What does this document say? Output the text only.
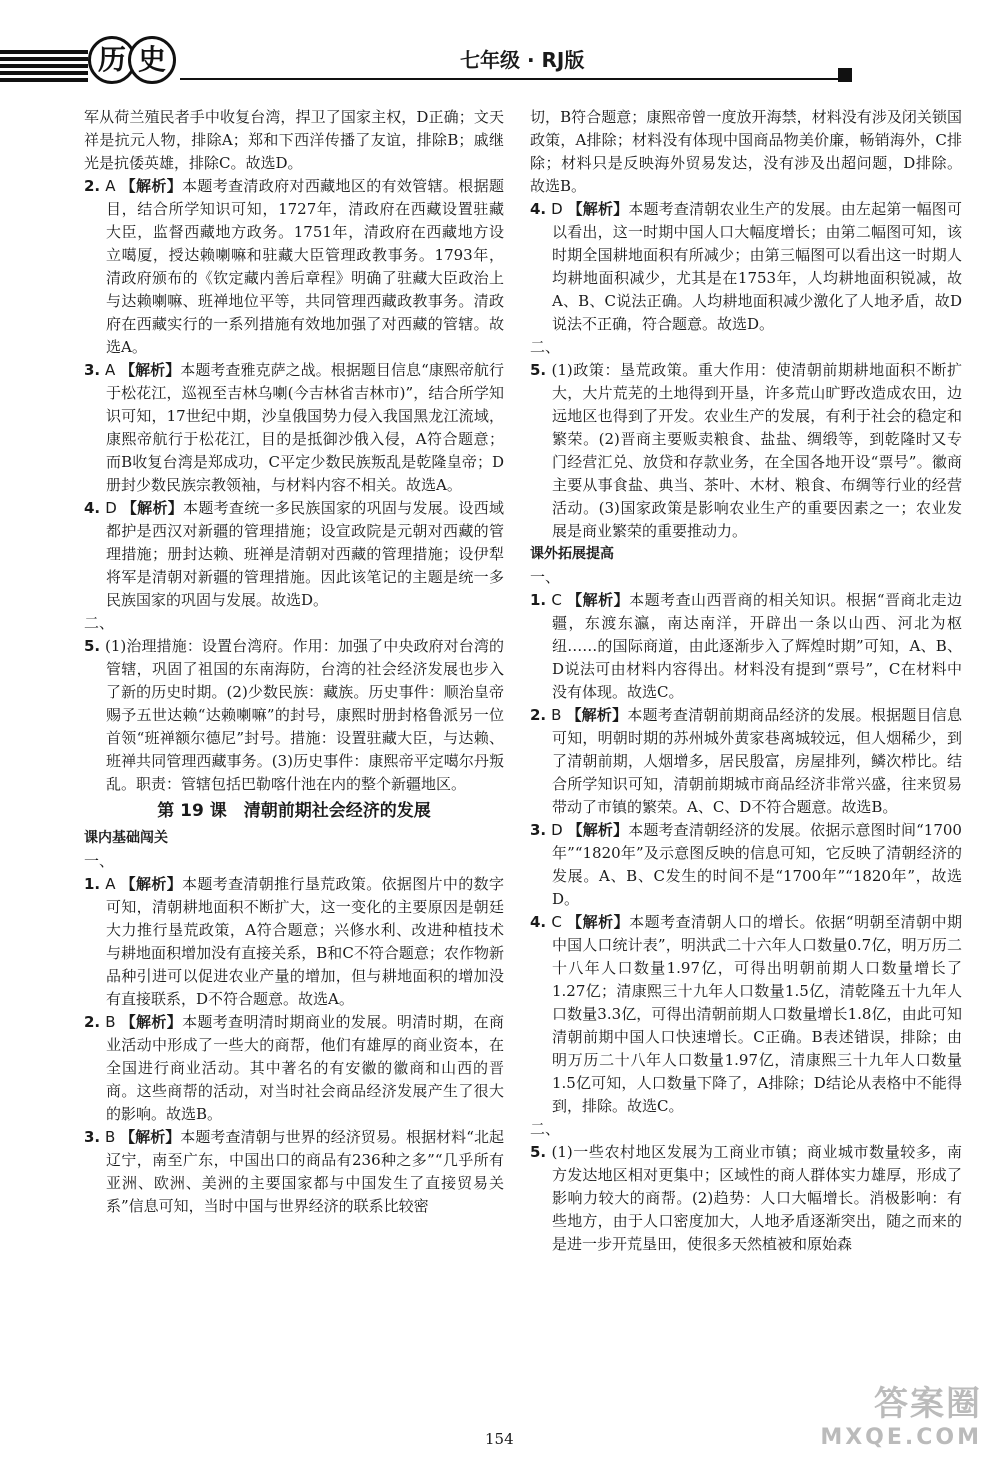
历 史	七年级 · RJ版

军从荷兰殖民者手中收复台湾，捍卫了国家主权，D正确；文天祥是抗元人物，排除A；郑和下西洋传播了友谊，排除B；戚继光是抗倭英雄，排除C。故选D。

2. A 【解析】本题考查清政府对西藏地区的有效管辖。根据题目，结合所学知识可知，1727年，清政府在西藏设置驻藏大臣，监督西藏地方政务。1751年，清政府在西藏地方设立噶厦，授达赖喇嘛和驻藏大臣管理政教事务。1793年，清政府颁布的《钦定藏内善后章程》明确了驻藏大臣政治上与达赖喇嘛、班禅地位平等，共同管理西藏政教事务。清政府在西藏实行的一系列措施有效地加强了对西藏的管辖。故选A。

3. A 【解析】本题考查雅克萨之战。根据题目信息“康熙帝航行于松花江，巡视至吉林乌喇(今吉林省吉林市)”，结合所学知识可知，17世纪中期，沙皇俄国势力侵入我国黑龙江流域，康熙帝航行于松花江，目的是抵御沙俄入侵，A符合题意；而B收复台湾是郑成功，C平定少数民族叛乱是乾隆皇帝；D册封少数民族宗教领袖，与材料内容不相关。故选A。

4. D 【解析】本题考查统一多民族国家的巩固与发展。设西域都护是西汉对新疆的管理措施；设宣政院是元朝对西藏的管理措施；册封达赖、班禅是清朝对西藏的管理措施；设伊犁将军是清朝对新疆的管理措施。因此该笔记的主题是统一多民族国家的巩固与发展。故选D。

二、

5. (1)治理措施：设置台湾府。作用：加强了中央政府对台湾的管辖，巩固了祖国的东南海防，台湾的社会经济发展也步入了新的历史时期。(2)少数民族：藏族。历史事件：顺治皇帝赐予五世达赖“达赖喇嘛”的封号，康熙时册封格鲁派另一位首领“班禅额尔德尼”封号。措施：设置驻藏大臣，与达赖、班禅共同管理西藏事务。(3)历史事件：康熙帝平定噶尔丹叛乱。职责：管辖包括巴勒喀什池在内的整个新疆地区。

第 19 课　清朝前期社会经济的发展

课内基础闯关

一、

1. A 【解析】本题考查清朝推行垦荒政策。依据图片中的数字可知，清朝耕地面积不断扩大，这一变化的主要原因是朝廷大力推行垦荒政策，A符合题意；兴修水利、改进种植技术与耕地面积增加没有直接关系，B和C不符合题意；农作物新品种引进可以促进农业产量的增加，但与耕地面积的增加没有直接联系，D不符合题意。故选A。

2. B 【解析】本题考查明清时期商业的发展。明清时期，在商业活动中形成了一些大的商帮，他们有雄厚的商业资本，在全国进行商业活动。其中著名的有安徽的徽商和山西的晋商。这些商帮的活动，对当时社会商品经济发展产生了很大的影响。故选B。

3. B 【解析】本题考查清朝与世界的经济贸易。根据材料“北起辽宁，南至广东，中国出口的商品有236种之多”“几乎所有亚洲、欧洲、美洲的主要国家都与中国发生了直接贸易关系”信息可知，当时中国与世界经济的联系比较密

切，B符合题意；康熙帝曾一度放开海禁，材料没有涉及闭关锁国政策，A排除；材料没有体现中国商品物美价廉，畅销海外，C排除；材料只是反映海外贸易发达，没有涉及出超问题，D排除。故选B。

4. D 【解析】本题考查清朝农业生产的发展。由左起第一幅图可以看出，这一时期中国人口大幅度增长；由第二幅图可知，该时期全国耕地面积有所减少；由第三幅图可以看出这一时期人均耕地面积减少，尤其是在1753年，人均耕地面积锐减，故A、B、C说法正确。人均耕地面积减少激化了人地矛盾，故D说法不正确，符合题意。故选D。

二、

5. (1)政策：垦荒政策。重大作用：使清朝前期耕地面积不断扩大，大片荒芜的土地得到开垦，许多荒山旷野改造成农田，边远地区也得到了开发。农业生产的发展，有利于社会的稳定和繁荣。(2)晋商主要贩卖粮食、盐盐、绸缎等，到乾隆时又专门经营汇兑、放贷和存款业务，在全国各地开设“票号”。徽商主要从事食盐、典当、茶叶、木材、粮食、布绸等行业的经营活动。(3)国家政策是影响农业生产的重要因素之一；农业发展是商业繁荣的重要推动力。

课外拓展提高

一、

1. C 【解析】本题考查山西晋商的相关知识。根据“晋商北走边疆，东渡东瀛，南达南洋，开辟出一条以山西、河北为枢纽……的国际商道，由此逐渐步入了辉煌时期”可知，A、B、D说法可由材料内容得出。材料没有提到“票号”，C在材料中没有体现。故选C。

2. B 【解析】本题考查清朝前期商品经济的发展。根据题目信息可知，明朝时期的苏州城外黄家巷离城较远，但人烟稀少，到了清朝前期，人烟增多，居民殷富，房屋排列，鳞次栉比。结合所学知识可知，清朝前期城市商品经济非常兴盛，往来贸易带动了市镇的繁荣。A、C、D不符合题意。故选B。

3. D 【解析】本题考查清朝经济的发展。依据示意图时间“1700年”“1820年”及示意图反映的信息可知，它反映了清朝经济的发展。A、B、C发生的时间不是“1700年”“1820年”，故选D。

4. C 【解析】本题考查清朝人口的增长。依据“明朝至清朝中期中国人口统计表”，明洪武二十六年人口数量0.7亿，明万历二十八年人口数量1.97亿，可得出明朝前期人口数量增长了1.27亿；清康熙三十九年人口数量1.5亿，清乾隆五十九年人口数量3.3亿，可得出清朝前期人口数量增长1.8亿，由此可知清朝前期中国人口快速增长。C正确。B表述错误，排除；由明万历二十八年人口数量1.97亿，清康熙三十九年人口数量1.5亿可知，人口数量下降了，A排除；D结论从表格中不能得到，排除。故选C。

二、

5. (1)一些农村地区发展为工商业市镇；商业城市数量较多，南方发达地区相对更集中；区域性的商人群体实力雄厚，形成了影响力较大的商帮。(2)趋势：人口大幅增长。消极影响：有些地方，由于人口密度加大，人地矛盾逐渐突出，随之而来的是进一步开荒垦田，使很多天然植被和原始森

154
答案圈
MXQE.COM
